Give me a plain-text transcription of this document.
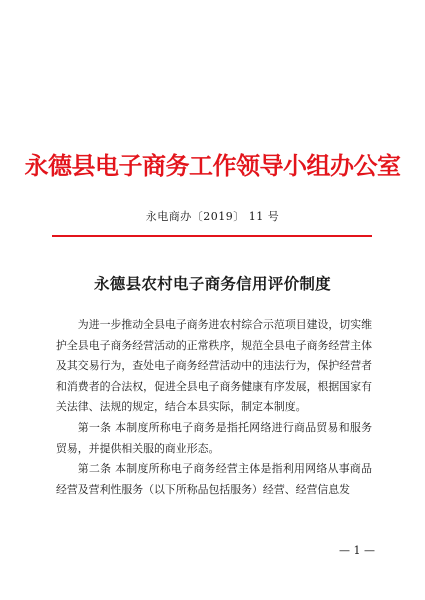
永德县电子商务工作领导小组办公室
永电商办〔2019〕 11 号
永德县农村电子商务信用评价制度

为进一步推动全县电子商务进农村综合示范项目建设，切实维护全县电子商务经营活动的正常秩序，规范全县电子商务经营主体及其交易行为，查处电子商务经营活动中的违法行为，保护经营者和消费者的合法权，促进全县电子商务健康有序发展，根据国家有关法律、法规的规定，结合本县实际，制定本制度。

第一条 本制度所称电子商务是指托网络进行商品贸易和服务贸易，并提供相关服的商业形态。

第二条 本制度所称电子商务经营主体是指利用网络从事商品经营及营利性服务（以下所称品包括服务）经营、经营信息发

— 1 —
